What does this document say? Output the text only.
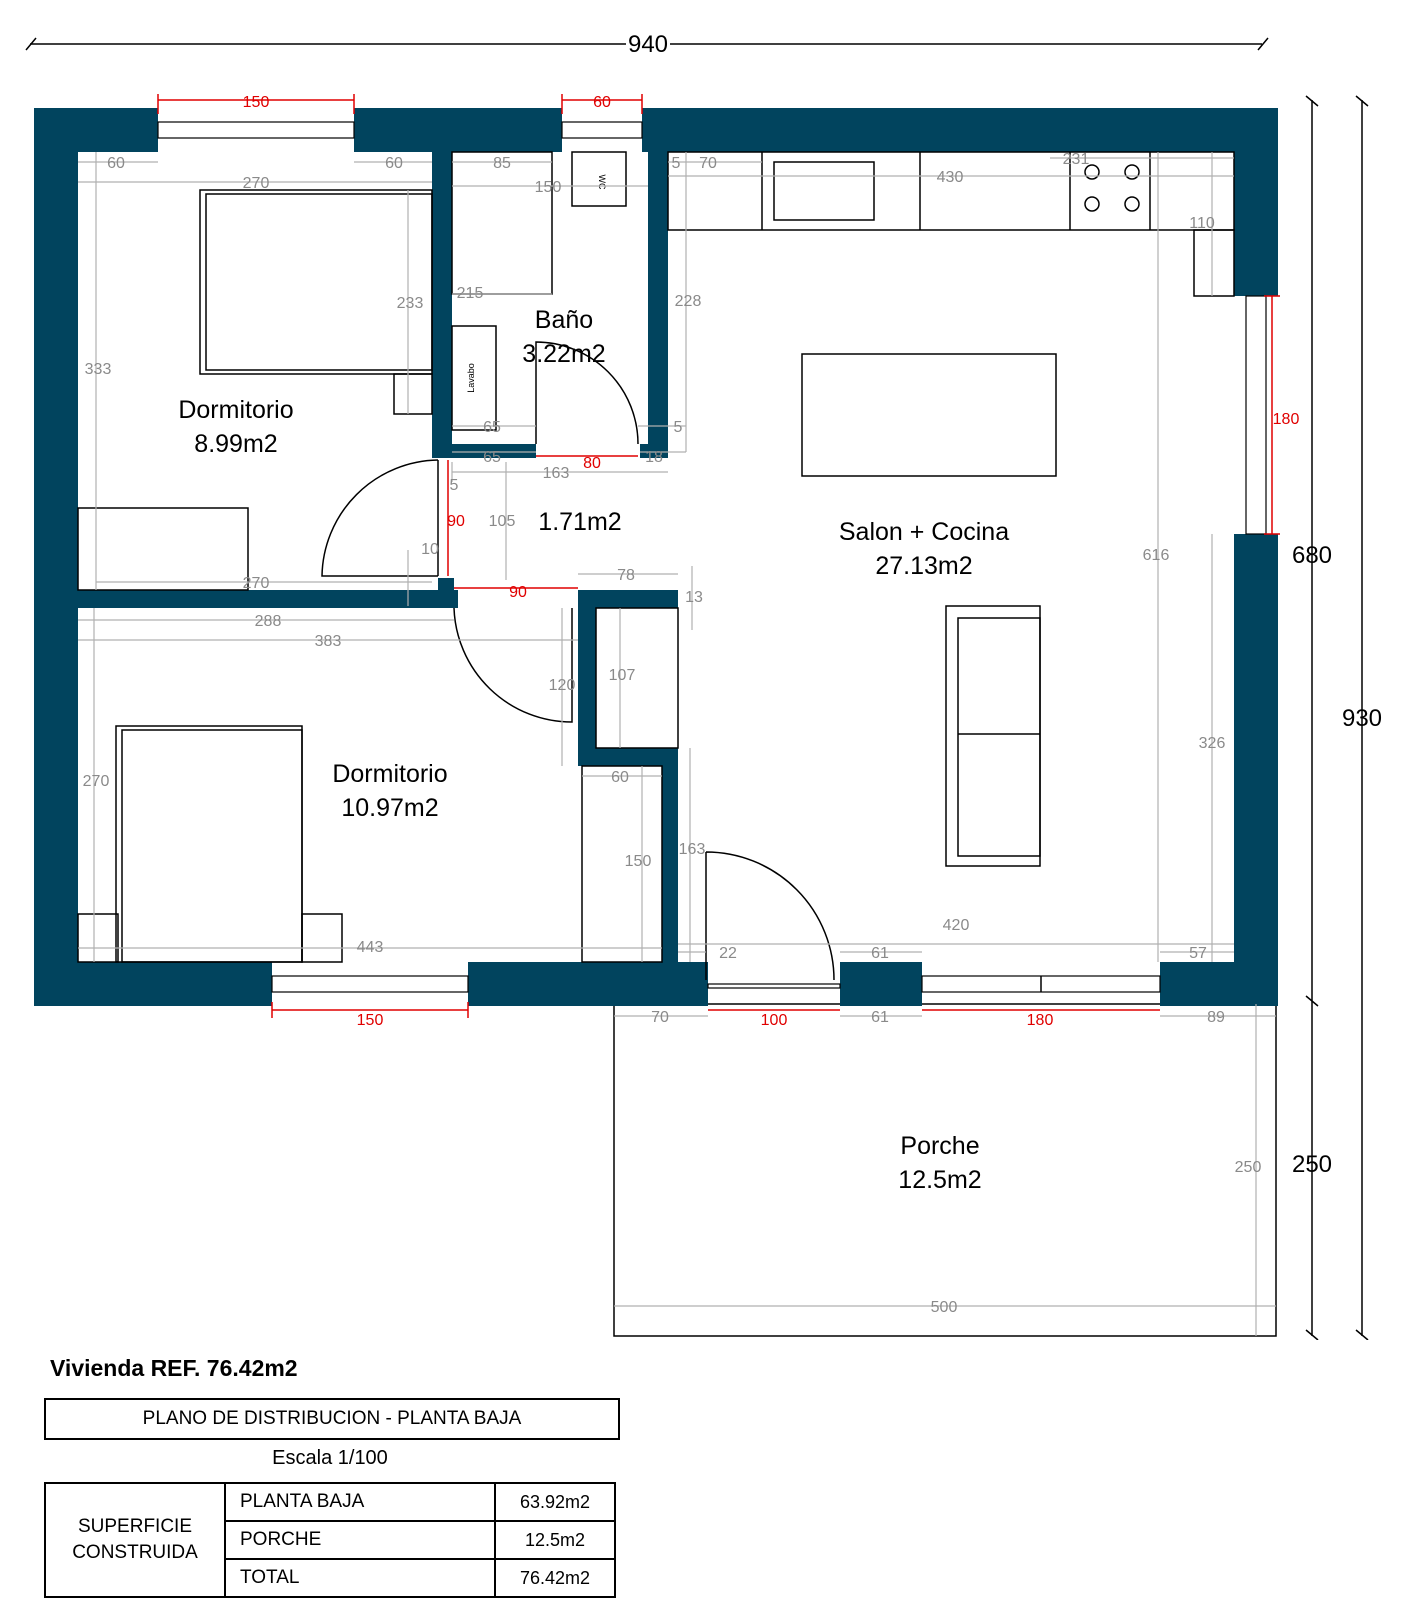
940
680
930
250
WC
Lavabo
Dormitorio
8.99m2
Baño
3.22m2
1.71m2	Salon + Cocina
27.13m2
Dormitorio
10.97m2
Porche
12.5m2
150	60
180
80
90
90
150	100	180
60	60	85	5 70
430
231
270	150
333
233
215	228
110
65	5
65	18
163
5
105
10
270	78
13
616
288
383
120
107
270	60
326
150
163
420
443	22	61	57
70	61	89
250
500
Vivienda REF. 76.42m2
PLANO DE DISTRIBUCION - PLANTA BAJA
Escala 1/100
SUPERFICIE CONSTRUIDA	PLANTA BAJA	63.92m2
	PORCHE	12.5m2
	TOTAL	76.42m2
